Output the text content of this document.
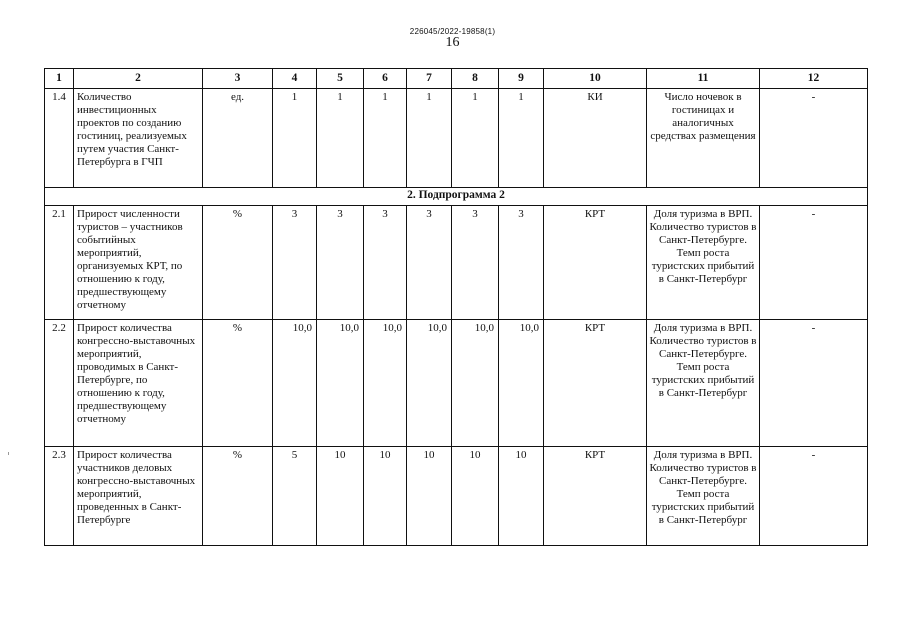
226045/2022-19858(1)
16
1	2	3	4	5	6	7	8	9	10	11	12
1.4	Количество инвестиционных проектов по созданию гостиниц, реализуемых путем участия Санкт-Петербурга в ГЧП	ед.	1	1	1	1	1	1	КИ	Число ночевок в гостиницах и аналогичных средствах размещения	-
2. Подпрограмма 2											
2.1	Прирост численности туристов – участников событийных мероприятий, организуемых КРТ, по отношению к году, предшествующему отчетному	%	3	3	3	3	3	3	КРТ	Доля туризма в ВРП. Количество туристов в Санкт-Петербурге. Темп роста туристских прибытий в Санкт-Петербург	-
2.2	Прирост количества конгрессно-выставочных мероприятий, проводимых в Санкт-Петербурге, по отношению к году, предшествующему отчетному	%	10,0	10,0	10,0	10,0	10,0	10,0	КРТ	Доля туризма в ВРП. Количество туристов в Санкт-Петербурге. Темп роста туристских прибытий в Санкт-Петербург	-
2.3	Прирост количества участников деловых конгрессно-выставочных мероприятий, проведенных в Санкт-Петербурге	%	5	10	10	10	10	10	КРТ	Доля туризма в ВРП. Количество туристов в Санкт-Петербурге. Темп роста туристских прибытий в Санкт-Петербург	-
